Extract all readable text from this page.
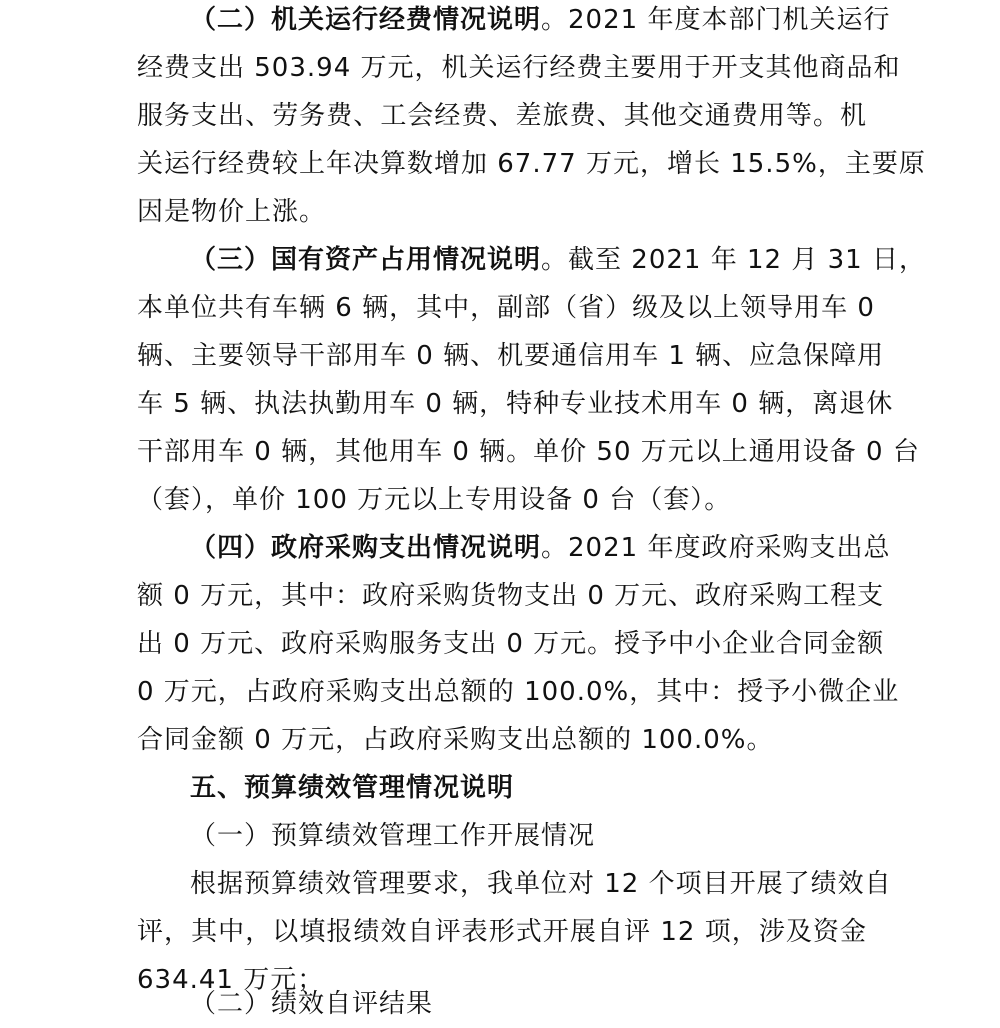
（二）机关运行经费情况说明。2021 年度本部门机关运行
经费支出 503.94 万元，机关运行经费主要用于开支其他商品和
服务支出、劳务费、工会经费、差旅费、其他交通费用等。机
关运行经费较上年决算数增加 67.77 万元，增长 15.5%，主要原
因是物价上涨。
（三）国有资产占用情况说明。截至 2021 年 12 月 31 日，
本单位共有车辆 6 辆，其中，副部（省）级及以上领导用车 0
辆、主要领导干部用车 0 辆、机要通信用车 1 辆、应急保障用
车 5 辆、执法执勤用车 0 辆，特种专业技术用车 0 辆，离退休
干部用车 0 辆，其他用车 0 辆。单价 50 万元以上通用设备 0 台
（套），单价 100 万元以上专用设备 0 台（套）。
（四）政府采购支出情况说明。2021 年度政府采购支出总
额 0 万元，其中：政府采购货物支出 0 万元、政府采购工程支
出 0 万元、政府采购服务支出 0 万元。授予中小企业合同金额
0 万元，占政府采购支出总额的 100.0%，其中：授予小微企业
合同金额 0 万元，占政府采购支出总额的 100.0%。
五、预算绩效管理情况说明
（一）预算绩效管理工作开展情况
根据预算绩效管理要求，我单位对 12 个项目开展了绩效自
评，其中，以填报绩效自评表形式开展自评 12 项，涉及资金
634.41 万元；
（二）绩效自评结果
